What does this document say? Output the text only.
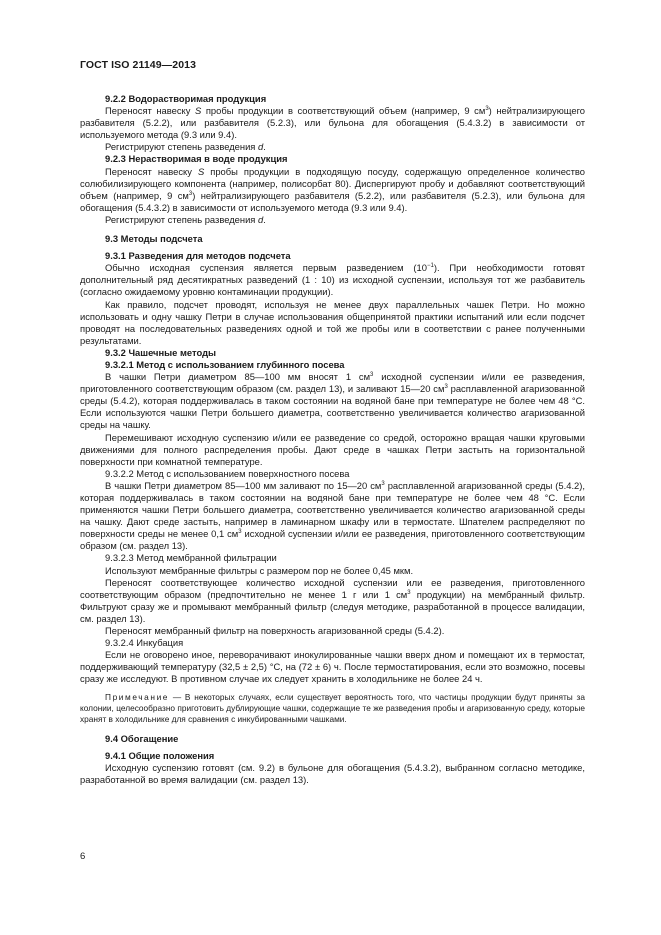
ГОСТ ISO 21149—2013

9.2.2 Водорастворимая продукция

Переносят навеску S пробы продукции в соответствующий объем (например, 9 $см^3$) нейтрализирующего разбавителя (5.2.2), или разбавителя (5.2.3), или бульона для обогащения (5.4.3.2) в зависимости от используемого метода (9.3 или 9.4).

Регистрируют степень разведения d.

9.2.3 Нерастворимая в воде продукция

Переносят навеску S пробы продукции в подходящую посуду, содержащую определенное количество солюбилизирующего компонента (например, полисорбат 80). Диспергируют пробу и добавляют соответствующий объем (например, 9 $см^3$) нейтрализирующего разбавителя (5.2.2), или разбавителя (5.2.3), или бульона для обогащения (5.4.3.2) в зависимости от используемого метода (9.3 или 9.4).

Регистрируют степень разведения d.

9.3 Методы подсчета

9.3.1 Разведения для методов подсчета

Обычно исходная суспензия является первым разведением $(10^{-1})$. При необходимости готовят дополнительный ряд десятикратных разведений (1 : 10) из исходной суспензии, используя тот же разбавитель (согласно ожидаемому уровню контаминации продукции).

Как правило, подсчет проводят, используя не менее двух параллельных чашек Петри. Но можно использовать и одну чашку Петри в случае использования общепринятой практики испытаний или если подсчет проводят на последовательных разведениях одной и той же пробы или в соответствии с ранее полученными результатами.

9.3.2 Чашечные методы

9.3.2.1 Метод с использованием глубинного посева

В чашки Петри диаметром 85—100 мм вносят 1 $см^3$ исходной суспензии и/или ее разведения, приготовленного соответствующим образом (см. раздел 13), и заливают 15—20 $см^3$ расплавленной агаризованной среды (5.4.2), которая поддерживалась в таком состоянии на водяной бане при температуре не более чем 48 °С. Если используются чашки Петри большего диаметра, соответственно увеличивается количество агаризованной среды на чашку.

Перемешивают исходную суспензию и/или ее разведение со средой, осторожно вращая чашки круговыми движениями для полного распределения пробы. Дают среде в чашках Петри застыть на горизонтальной поверхности при комнатной температуре.

9.3.2.2 Метод с использованием поверхностного посева

В чашки Петри диаметром 85—100 мм заливают по 15—20 $см^3$ расплавленной агаризованной среды (5.4.2), которая поддерживалась в таком состоянии на водяной бане при температуре не более чем 48 °С. Если применяются чашки Петри большего диаметра, соответственно увеличивается количество агаризованной среды на чашку. Дают среде застыть, например в ламинарном шкафу или в термостате. Шпателем распределяют по поверхности среды не менее 0,1 $см^3$ исходной суспензии и/или ее разведения, приготовленного соответствующим образом (см. раздел 13).

9.3.2.3 Метод мембранной фильтрации

Используют мембранные фильтры с размером пор не более 0,45 мкм.

Переносят соответствующее количество исходной суспензии или ее разведения, приготовленного соответствующим образом (предпочтительно не менее 1 г или 1 $см^3$ продукции) на мембранный фильтр. Фильтруют сразу же и промывают мембранный фильтр (следуя методике, разработанной в процессе валидации, см. раздел 13).

Переносят мембранный фильтр на поверхность агаризованной среды (5.4.2).

9.3.2.4 Инкубация

Если не оговорено иное, переворачивают инокулированные чашки вверх дном и помещают их в термостат, поддерживающий температуру (32,5 ± 2,5) °С, на (72 ± 6) ч. После термостатирования, если это возможно, посевы сразу же исследуют. В противном случае их следует хранить в холодильнике не более 24 ч.

Примечание — В некоторых случаях, если существует вероятность того, что частицы продукции будут приняты за колонии, целесообразно приготовить дублирующие чашки, содержащие те же разведения пробы и агаризованную среду, которые хранят в холодильнике для сравнения с инкубированными чашками.

9.4 Обогащение

9.4.1 Общие положения

Исходную суспензию готовят (см. 9.2) в бульоне для обогащения (5.4.3.2), выбранном согласно методике, разработанной во время валидации (см. раздел 13).

6
